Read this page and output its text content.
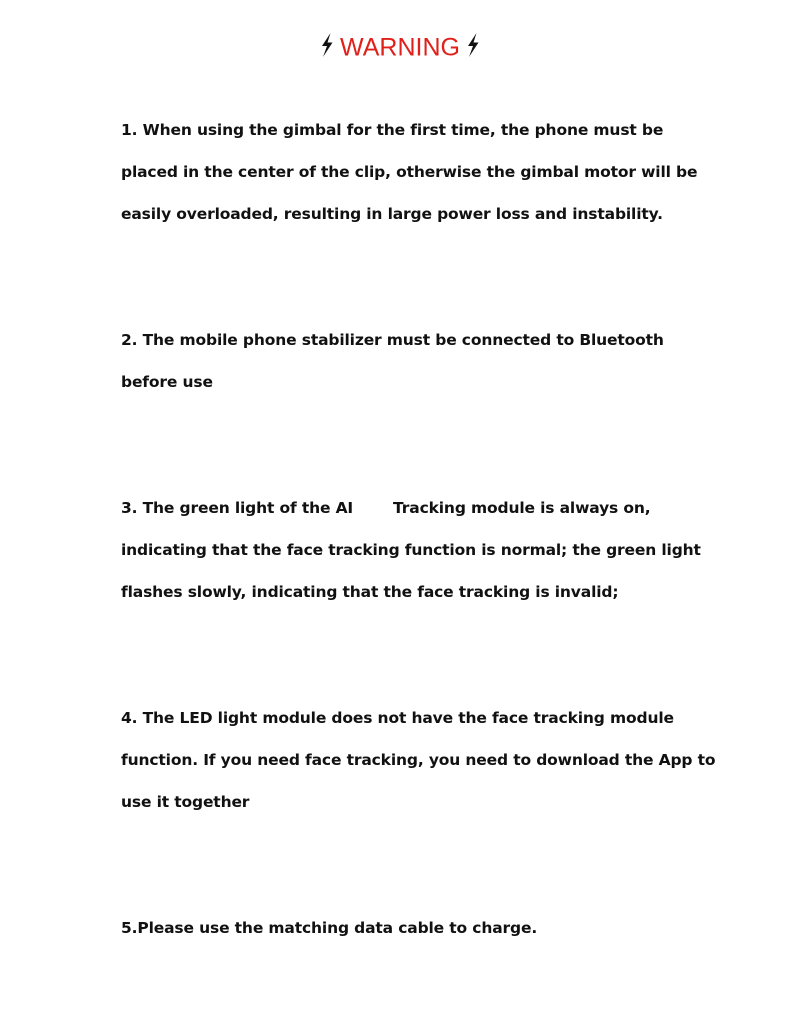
WARNING
1. When using the gimbal for the first time, the phone must be
placed in the center of the clip, otherwise the gimbal motor will be
easily overloaded, resulting in large power loss and instability.
2. The mobile phone stabilizer must be connected to Bluetooth
before use
3. The green light of the AI	Tracking module is always on,
indicating that the face tracking function is normal; the green light
flashes slowly, indicating that the face tracking is invalid;
4. The LED light module does not have the face tracking module
function. If you need face tracking, you need to download the App to
use it together
5.Please use the matching data cable to charge.
